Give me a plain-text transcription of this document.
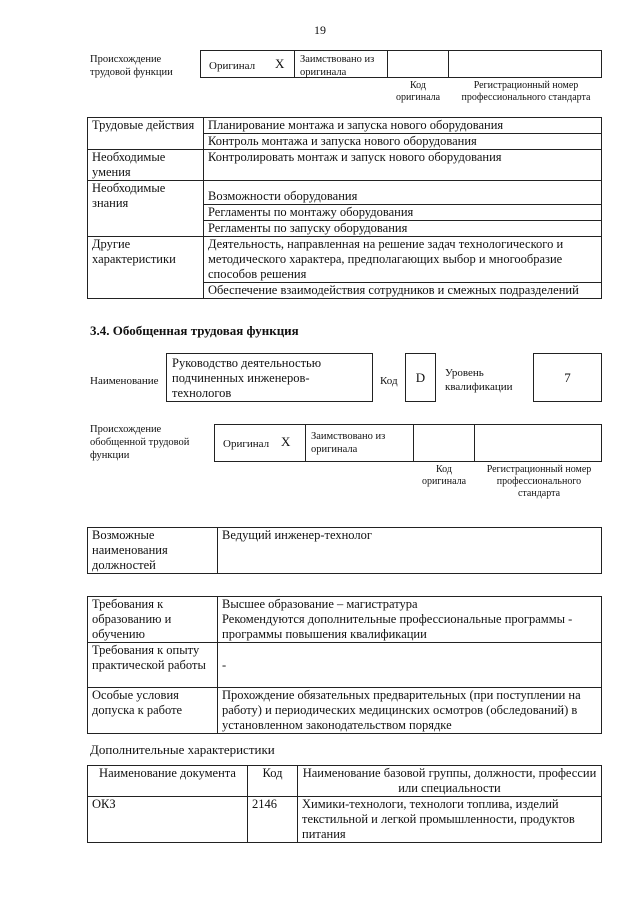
19
Происхождение трудовой функции
Оригинал X Заимствовано из оригинала
Код оригинала
Регистрационный номер профессионального стандарта
Трудовые действия	Планирование монтажа и запуска нового оборудования
	Контроль монтажа и запуска нового оборудования
Необходимые умения	Контролировать монтаж и запуск нового оборудования
Необходимые знания	Возможности оборудования
	Регламенты по монтажу оборудования
	Регламенты по запуску оборудования
Другие характеристики	Деятельность, направленная на решение задач технологического и методического характера, предполагающих выбор и многообразие способов решения
	Обеспечение взаимодействия сотрудников и смежных подразделений
3.4. Обобщенная трудовая функция
Наименование
Руководство деятельностью подчиненных инженеров-технологов
Код	D	Уровень квалификации
7
Происхождение обобщенной трудовой функции
Оригинал X Заимствовано из оригинала
Код оригинала
Регистрационный номер профессионального стандарта
Возможные наименования должностей	Ведущий инженер-технолог
Требования к образованию и обучению	Высшее образование – магистратура
Рекомендуются дополнительные профессиональные программы - программы повышения квалификации
Требования к опыту практической работы	-
Особые условия допуска к работе	Прохождение обязательных предварительных (при поступлении на работу) и периодических медицинских осмотров (обследований) в установленном законодательством порядке
Дополнительные характеристики
Наименование документа	Код	Наименование базовой группы, должности, профессии или специальности
ОКЗ	2146	Химики-технологи, технологи топлива, изделий текстильной и легкой промышленности, продуктов питания
